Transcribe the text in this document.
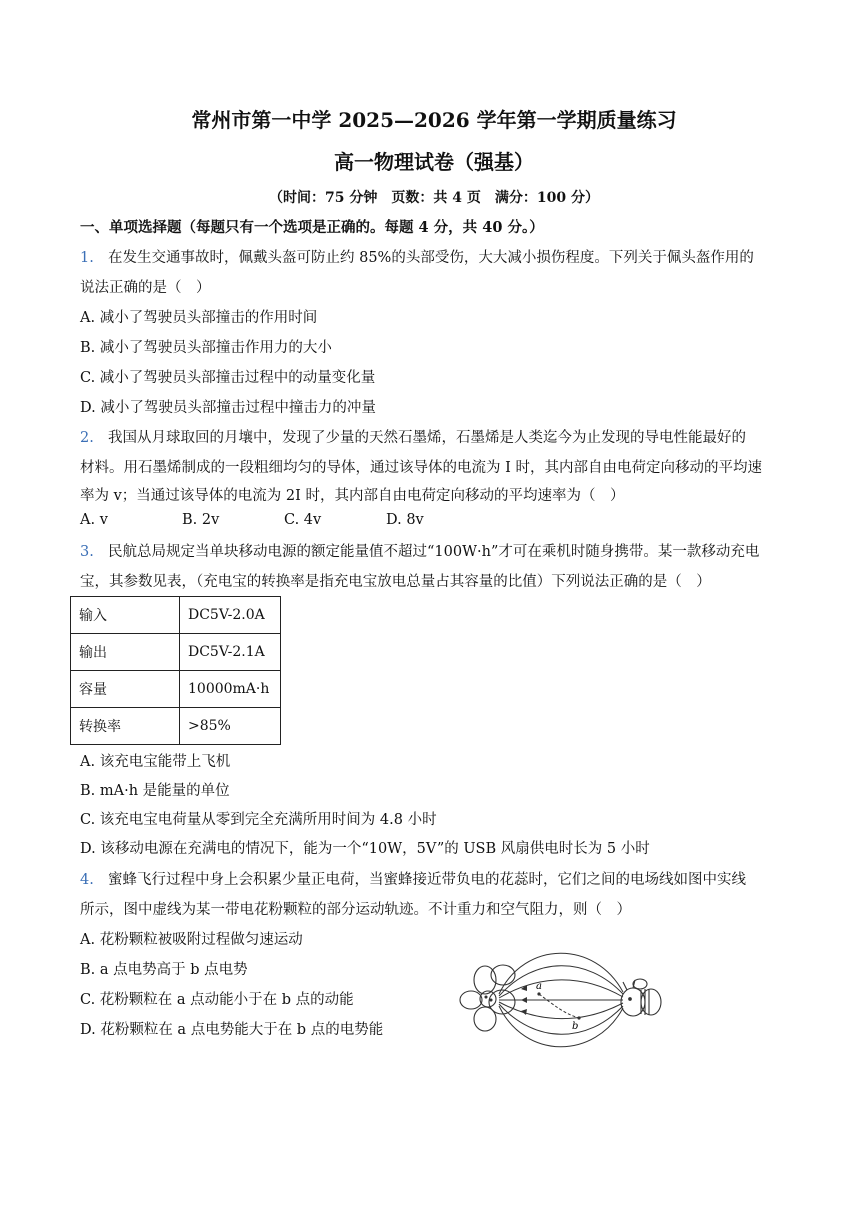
常州市第一中学 2025—2026 学年第一学期质量练习
高一物理试卷（强基）
（时间：75 分钟　页数：共 4 页　满分：100 分）
一、单项选择题（每题只有一个选项是正确的。每题 4 分，共 40 分。）
1. 在发生交通事故时，佩戴头盔可防止约 85%的头部受伤，大大减小损伤程度。下列关于佩头盔作用的
说法正确的是（　）
A. 减小了驾驶员头部撞击的作用时间
B. 减小了驾驶员头部撞击作用力的大小
C. 减小了驾驶员头部撞击过程中的动量变化量
D. 减小了驾驶员头部撞击过程中撞击力的冲量
2. 我国从月球取回的月壤中，发现了少量的天然石墨烯，石墨烯是人类迄今为止发现的导电性能最好的
材料。用石墨烯制成的一段粗细均匀的导体，通过该导体的电流为 I 时，其内部自由电荷定向移动的平均速
率为 v；当通过该导体的电流为 2I 时，其内部自由电荷定向移动的平均速率为（　）
A. v	B. 2v	C. 4v	D. 8v
3. 民航总局规定当单块移动电源的额定能量值不超过“100W·h”才可在乘机时随身携带。某一款移动充电
宝，其参数见表，（充电宝的转换率是指充电宝放电总量占其容量的比值）下列说法正确的是（　）
输入	DC5V-2.0A
输出	DC5V-2.1A
容量	10000mA·h
转换率	>85%
A. 该充电宝能带上飞机
B. mA·h 是能量的单位
C. 该充电宝电荷量从零到完全充满所用时间为 4.8 小时
D. 该移动电源在充满电的情况下，能为一个“10W，5V”的 USB 风扇供电时长为 5 小时
4. 蜜蜂飞行过程中身上会积累少量正电荷，当蜜蜂接近带负电的花蕊时，它们之间的电场线如图中实线
所示，图中虚线为某一带电花粉颗粒的部分运动轨迹。不计重力和空气阻力，则（　）
A. 花粉颗粒被吸附过程做匀速运动
B. a 点电势高于 b 点电势
C. 花粉颗粒在 a 点动能小于在 b 点的动能
D. 花粉颗粒在 a 点电势能大于在 b 点的电势能
a
b
